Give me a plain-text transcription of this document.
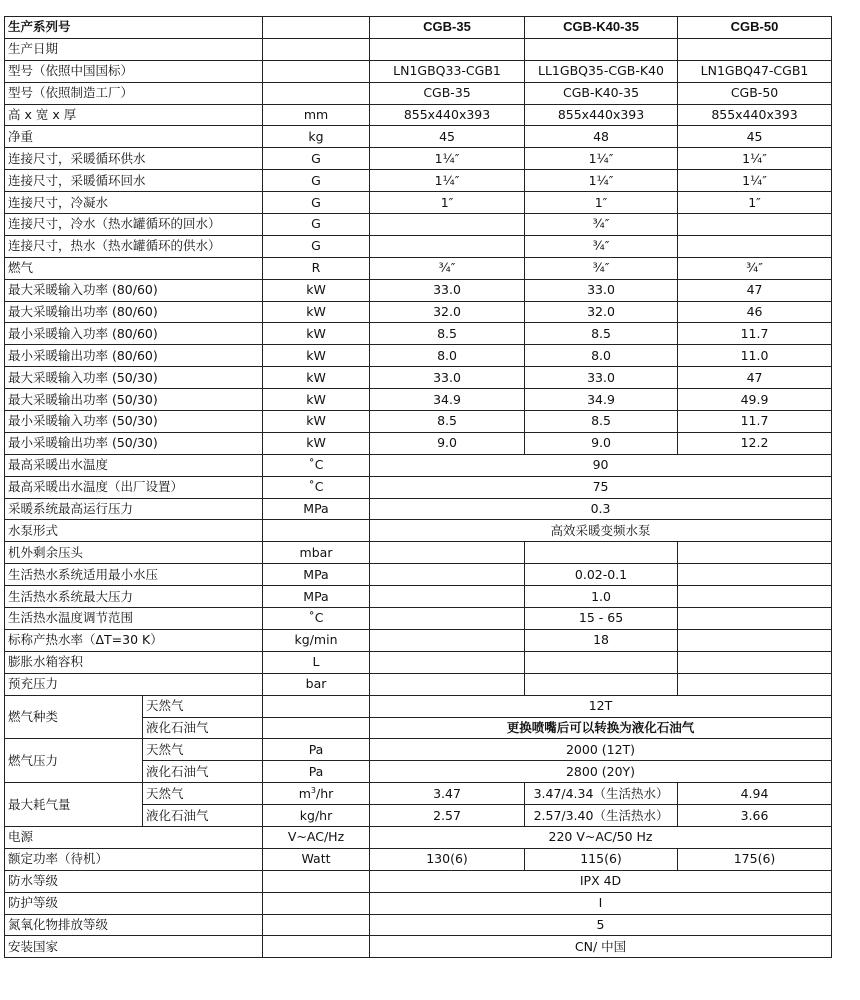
生产系列号			CGB-35	CGB-K40-35	CGB-50
生产日期					
型号（依照中国国标）			LN1GBQ33-CGB1	LL1GBQ35-CGB-K40	LN1GBQ47-CGB1
型号（依照制造工厂）			CGB-35	CGB-K40-35	CGB-50
高 x 宽 x 厚		mm	855x440x393	855x440x393	855x440x393
净重		kg	45	48	45
连接尺寸，采暖循环供水		G	1¼″	1¼″	1¼″
连接尺寸，采暖循环回水		G	1¼″	1¼″	1¼″
连接尺寸，冷凝水		G	1″	1″	1″
连接尺寸，冷水（热水罐循环的回水）		G		¾″	
连接尺寸，热水（热水罐循环的供水）		G		¾″	
燃气		R	¾″	¾″	¾″
最大采暖输入功率 (80/60)		kW	33.0	33.0	47
最大采暖输出功率 (80/60)		kW	32.0	32.0	46
最小采暖输入功率 (80/60)		kW	8.5	8.5	11.7
最小采暖输出功率 (80/60)		kW	8.0	8.0	11.0
最大采暖输入功率 (50/30)		kW	33.0	33.0	47
最大采暖输出功率 (50/30)		kW	34.9	34.9	49.9
最小采暖输入功率 (50/30)		kW	8.5	8.5	11.7
最小采暖输出功率 (50/30)		kW	9.0	9.0	12.2
最高采暖出水温度		˚C	90		
最高采暖出水温度（出厂设置）		˚C	75		
采暖系统最高运行压力		MPa	0.3		
水泵形式			高效采暖变频水泵		
机外剩余压头		mbar			
生活热水系统适用最小水压		MPa		0.02-0.1	
生活热水系统最大压力		MPa		1.0	
生活热水温度调节范围		˚C		15 - 65	
标称产热水率（ΔT=30 K）		kg/min		18	
膨胀水箱容积		L			
预充压力		bar			
燃气种类	天然气		12T		
	液化石油气		更换喷嘴后可以转换为液化石油气		
燃气压力	天然气	Pa	2000 (12T)		
	液化石油气	Pa	2800 (20Y)		
最大耗气量	天然气	$m^3/hr$	3.47	3.47/4.34（生活热水）	4.94
	液化石油气	kg/hr	2.57	2.57/3.40（生活热水）	3.66
电源		V~AC/Hz	220 V~AC/50 Hz		
额定功率（待机）		Watt	130(6)	115(6)	175(6)
防水等级			IPX 4D		
防护等级			I		
氮氧化物排放等级			5		
安装国家			CN/ 中国		
